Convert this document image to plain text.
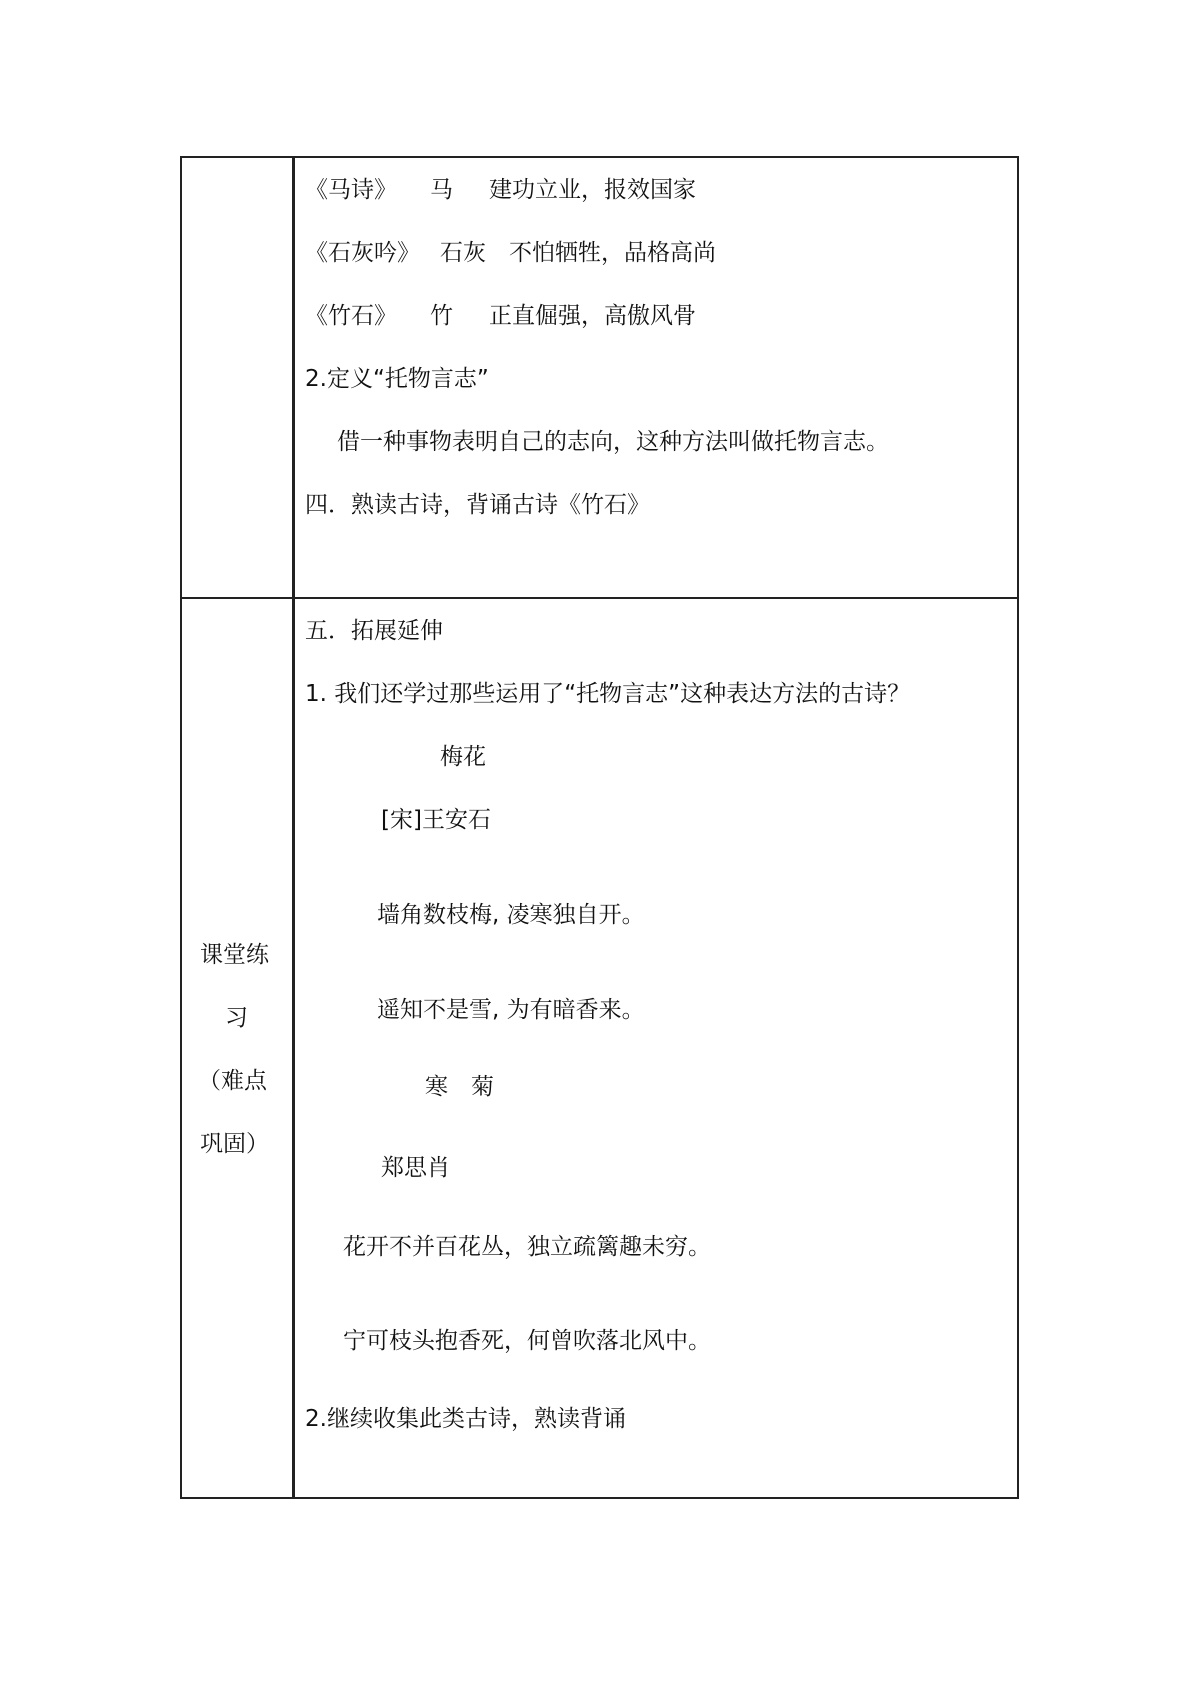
《马诗》 马 建功立业，报效国家
《石灰吟》 石灰 不怕牺牲，品格高尚
《竹石》 竹 正直倔强，高傲风骨
2.定义“托物言志”
借一种事物表明自己的志向，这种方法叫做托物言志。
四．熟读古诗，背诵古诗《竹石》
课堂练
习
（难点
巩固）
五．拓展延伸
1. 我们还学过那些运用了“托物言志”这种表达方法的古诗？
梅花
[宋]王安石
墙角数枝梅, 凌寒独自开。
遥知不是雪, 为有暗香来。
寒　菊
郑思肖
花开不并百花丛，独立疏篱趣未穷。
宁可枝头抱香死，何曾吹落北风中。
2.继续收集此类古诗，熟读背诵
